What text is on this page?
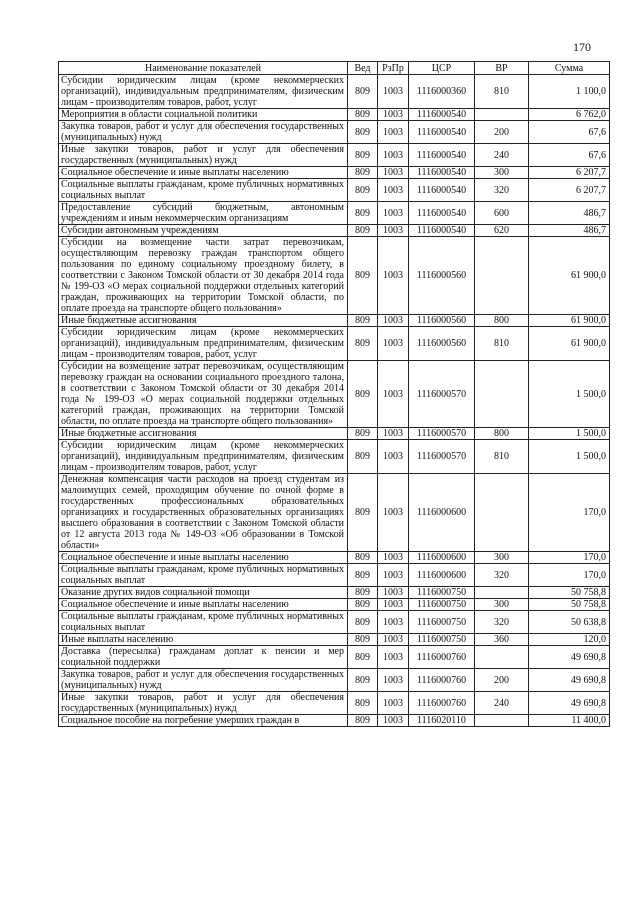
170
Наименование показателей	Вед	РзПр	ЦСР	ВР	Сумма
Субсидии юридическим лицам (кроме некоммерческих организаций), индивидуальным предпринимателям, физическим лицам - производителям товаров, работ, услуг	809	1003	1116000360	810	1 100,0
Мероприятия в области социальной политики	809	1003	1116000540		6 762,0
Закупка товаров, работ и услуг для обеспечения государственных (муниципальных) нужд	809	1003	1116000540	200	67,6
Иные закупки товаров, работ и услуг для обеспечения государственных (муниципальных) нужд	809	1003	1116000540	240	67,6
Социальное обеспечение и иные выплаты населению	809	1003	1116000540	300	6 207,7
Социальные выплаты гражданам, кроме публичных нормативных социальных выплат	809	1003	1116000540	320	6 207,7
Предоставление субсидий бюджетным, автономным учреждениям и иным некоммерческим организациям	809	1003	1116000540	600	486,7
Субсидии автономным учреждениям	809	1003	1116000540	620	486,7
Субсидии на возмещение части затрат перевозчикам, осуществляющим перевозку граждан транспортом общего пользования по единому социальному проездному билету, в соответствии с Законом Томской области от 30 декабря 2014 года № 199-ОЗ «О мерах социальной поддержки отдельных категорий граждан, проживающих на территории Томской области, по оплате проезда на транспорте общего пользования»	809	1003	1116000560		61 900,0
Иные бюджетные ассигнования	809	1003	1116000560	800	61 900,0
Субсидии юридическим лицам (кроме некоммерческих организаций), индивидуальным предпринимателям, физическим лицам - производителям товаров, работ, услуг	809	1003	1116000560	810	61 900,0
Субсидии на возмещение затрат перевозчикам, осуществляющим перевозку граждан на основании социального проездного талона, в соответствии с Законом Томской области от 30 декабря 2014 года № 199-ОЗ «О мерах социальной поддержки отдельных категорий граждан, проживающих на территории Томской области, по оплате проезда на транспорте общего пользования»	809	1003	1116000570		1 500,0
Иные бюджетные ассигнования	809	1003	1116000570	800	1 500,0
Субсидии юридическим лицам (кроме некоммерческих организаций), индивидуальным предпринимателям, физическим лицам - производителям товаров, работ, услуг	809	1003	1116000570	810	1 500,0
Денежная компенсация части расходов на проезд студентам из малоимущих семей, проходящим обучение по очной форме в государственных профессиональных образовательных организациях и государственных образовательных организациях высшего образования в соответствии с Законом Томской области от 12 августа 2013 года № 149-ОЗ «Об образовании в Томской области»	809	1003	1116000600		170,0
Социальное обеспечение и иные выплаты населению	809	1003	1116000600	300	170,0
Социальные выплаты гражданам, кроме публичных нормативных социальных выплат	809	1003	1116000600	320	170,0
Оказание других видов социальной помощи	809	1003	1116000750		50 758,8
Социальное обеспечение и иные выплаты населению	809	1003	1116000750	300	50 758,8
Социальные выплаты гражданам, кроме публичных нормативных социальных выплат	809	1003	1116000750	320	50 638,8
Иные выплаты населению	809	1003	1116000750	360	120,0
Доставка (пересылка) гражданам доплат к пенсии и мер социальной поддержки	809	1003	1116000760		49 690,8
Закупка товаров, работ и услуг для обеспечения государственных (муниципальных) нужд	809	1003	1116000760	200	49 690,8
Иные закупки товаров, работ и услуг для обеспечения государственных (муниципальных) нужд	809	1003	1116000760	240	49 690,8
Социальное пособие на погребение умерших граждан в	809	1003	1116020110		11 400,0
